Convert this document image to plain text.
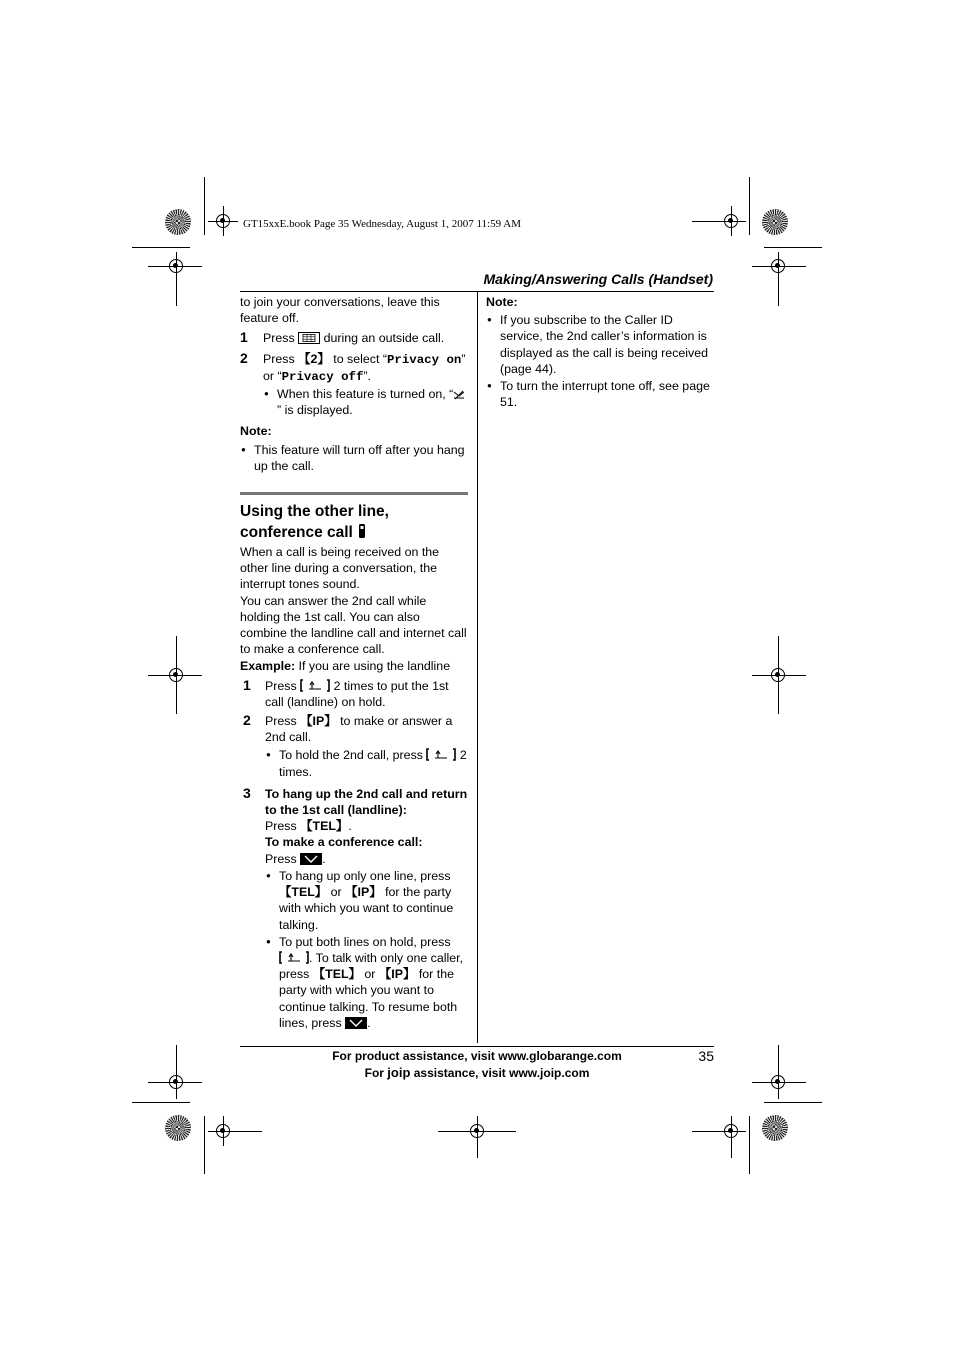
GT15xxE.book Page 35 Wednesday, August 1, 2007 11:59 AM
Making/Answering Calls (Handset)

to join your conversations, leave this feature off.

1 Press during an outside call.
2 Press 【2】 to select “Privacy on” or “Privacy off”.
● When this feature is turned on, “” is displayed.

Note:

● This feature will turn off after you hang up the call.
Using the other line,
conference call

When a call is being received on the other line during a conversation, the interrupt tones sound.

You can answer the 2nd call while holding the 1st call. You can also combine the landline call and internet call to make a conference call.

Example: If you are using the landline

1 Press	2 times to put the 1st call (landline) on hold.
2 Press 【IP】 to make or answer a 2nd call.
● To hold the 2nd call, press	2 times.
3 To hang up the 2nd call and return to the 1st call (landline):
Press 【TEL】.
To make a conference call:
Press .
● To hang up only one line, press 【TEL】 or 【IP】 for the party with which you want to continue talking.
● To put both lines on hold, press . To talk with only one caller, press 【TEL】 or 【IP】 for the party with which you want to continue talking. To resume both lines, press .

Note:

● If you subscribe to the Caller ID service, the 2nd caller’s information is displayed as the call is being received (page 44).
● To turn the interrupt tone off, see page 51.
For product assistance, visit www.globarange.com
For joip assistance, visit www.joip.com
35
